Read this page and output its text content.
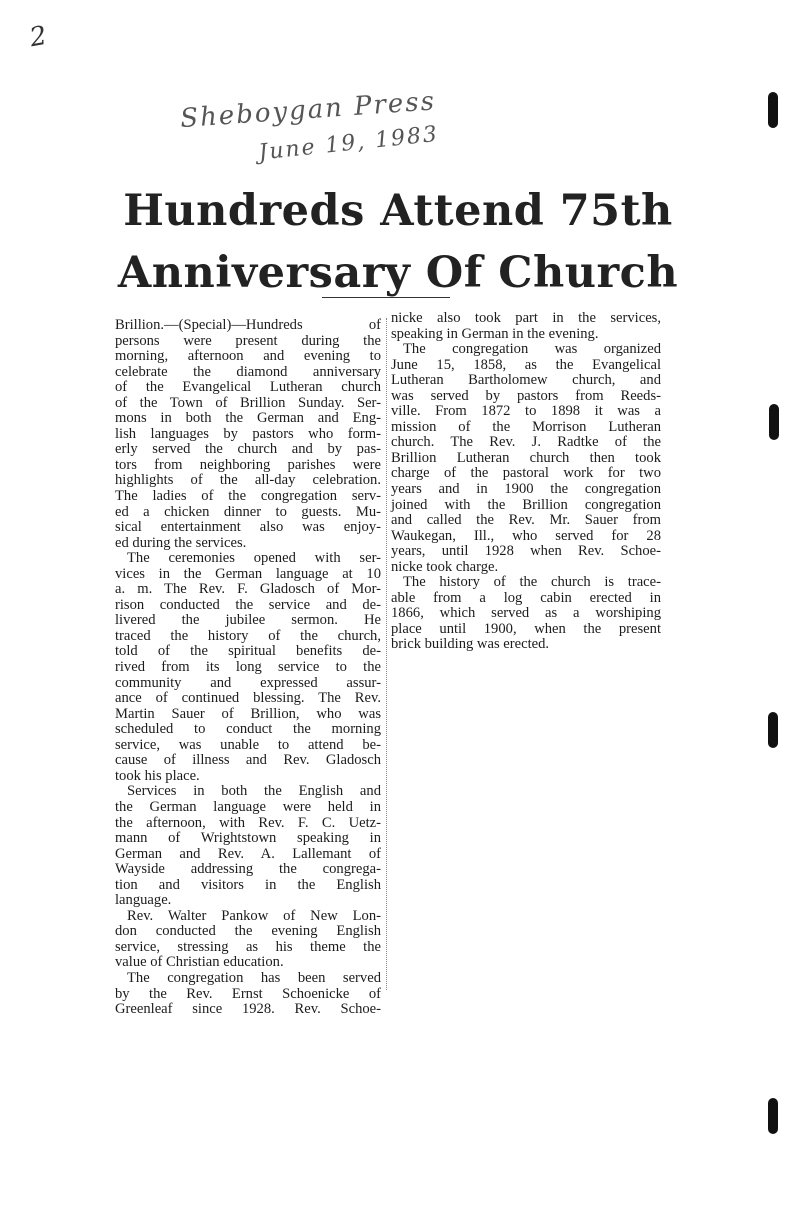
2
Sheboygan Press
June 19, 1983
Hundreds Attend 75th
Anniversary Of Church
Brillion.—(Special)—Hundreds of
persons were present during the
morning, afternoon and evening to
celebrate the diamond anniversary
of the Evangelical Lutheran church
of the Town of Brillion Sunday. Ser-
mons in both the German and Eng-
lish languages by pastors who form-
erly served the church and by pas-
tors from neighboring parishes were
highlights of the all-day celebration.
The ladies of the congregation serv-
ed a chicken dinner to guests. Mu-
sical entertainment also was enjoy-
ed during the services.
The ceremonies opened with ser-
vices in the German language at 10
a. m. The Rev. F. Gladosch of Mor-
rison conducted the service and de-
livered the jubilee sermon. He
traced the history of the church,
told of the spiritual benefits de-
rived from its long service to the
community and expressed assur-
ance of continued blessing. The Rev.
Martin Sauer of Brillion, who was
scheduled to conduct the morning
service, was unable to attend be-
cause of illness and Rev. Gladosch
took his place.
Services in both the English and
the German language were held in
the afternoon, with Rev. F. C. Uetz-
mann of Wrightstown speaking in
German and Rev. A. Lallemant of
Wayside addressing the congrega-
tion and visitors in the English
language.
Rev. Walter Pankow of New Lon-
don conducted the evening English
service, stressing as his theme the
value of Christian education.
The congregation has been served
by the Rev. Ernst Schoenicke of
Greenleaf since 1928. Rev. Schoe-
nicke also took part in the services,
speaking in German in the evening.
The congregation was organized
June 15, 1858, as the Evangelical
Lutheran Bartholomew church, and
was served by pastors from Reeds-
ville. From 1872 to 1898 it was a
mission of the Morrison Lutheran
church. The Rev. J. Radtke of the
Brillion Lutheran church then took
charge of the pastoral work for two
years and in 1900 the congregation
joined with the Brillion congregation
and called the Rev. Mr. Sauer from
Waukegan, Ill., who served for 28
years, until 1928 when Rev. Schoe-
nicke took charge.
The history of the church is trace-
able from a log cabin erected in
1866, which served as a worshiping
place until 1900, when the present
brick building was erected.
